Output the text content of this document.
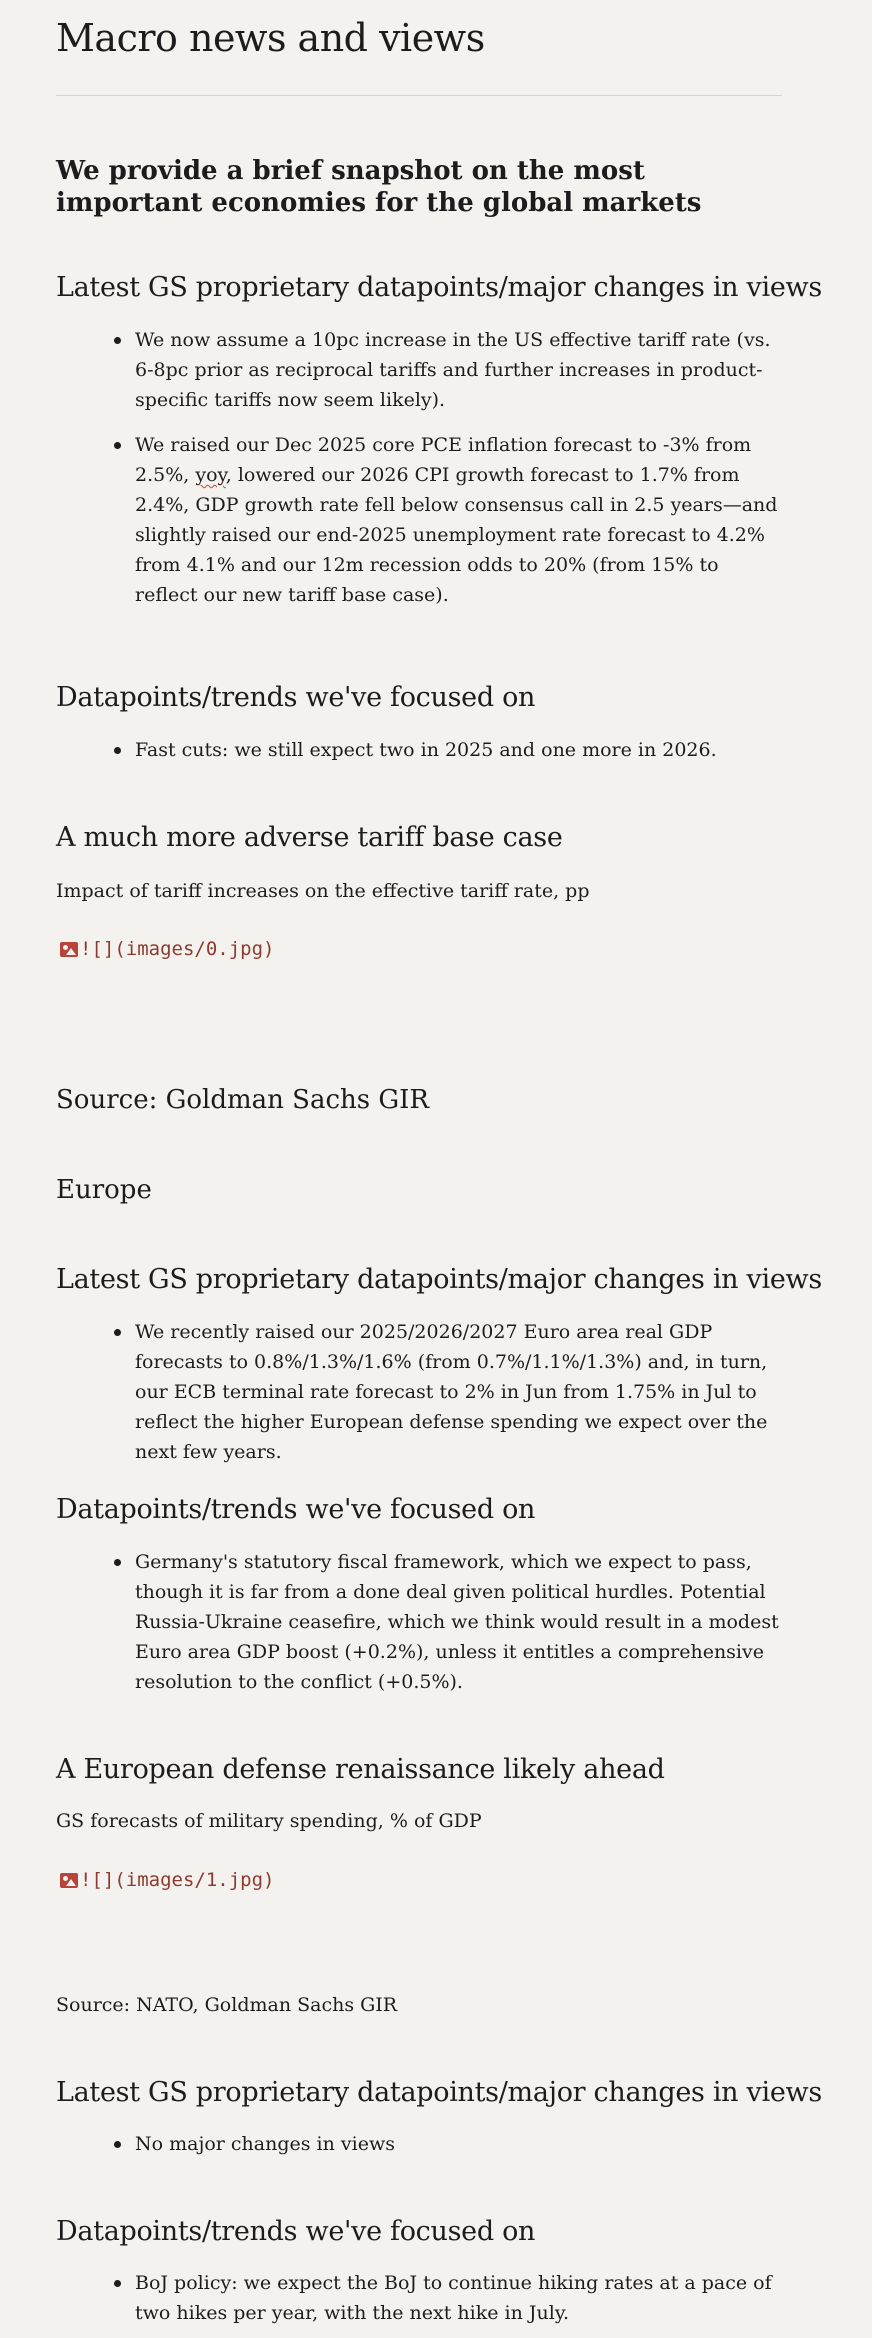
Macro news and views
We provide a brief snapshot on the most important economies for the global markets
Latest GS proprietary datapoints/major changes in views
We now assume a 10pc increase in the US effective tariff rate (vs. 6-8pc prior as reciprocal tariffs and further increases in product-specific tariffs now seem likely).
We raised our Dec 2025 core PCE inflation forecast to -3% from 2.5%, yoy, lowered our 2026 CPI growth forecast to 1.7% from 2.4%, GDP growth rate fell below consensus call in 2.5 years—and slightly raised our end-2025 unemployment rate forecast to 4.2% from 4.1% and our 12m recession odds to 20% (from 15% to reflect our new tariff base case).
Datapoints/trends we've focused on
Fast cuts: we still expect two in 2025 and one more in 2026.
A much more adverse tariff base case

Impact of tariff increases on the effective tariff rate, pp

![](images/0.jpg)
Source: Goldman Sachs GIR
Europe
Latest GS proprietary datapoints/major changes in views
We recently raised our 2025/2026/2027 Euro area real GDP forecasts to 0.8%/1.3%/1.6% (from 0.7%/1.1%/1.3%) and, in turn, our ECB terminal rate forecast to 2% in Jun from 1.75% in Jul to reflect the higher European defense spending we expect over the next few years.
Datapoints/trends we've focused on
Germany's statutory fiscal framework, which we expect to pass, though it is far from a done deal given political hurdles. Potential Russia-Ukraine ceasefire, which we think would result in a modest Euro area GDP boost (+0.2%), unless it entitles a comprehensive resolution to the conflict (+0.5%).
A European defense renaissance likely ahead

GS forecasts of military spending, % of GDP

![](images/1.jpg)

Source: NATO, Goldman Sachs GIR

Latest GS proprietary datapoints/major changes in views
No major changes in views
Datapoints/trends we've focused on
BoJ policy: we expect the BoJ to continue hiking rates at a pace of two hikes per year, with the next hike in July.
